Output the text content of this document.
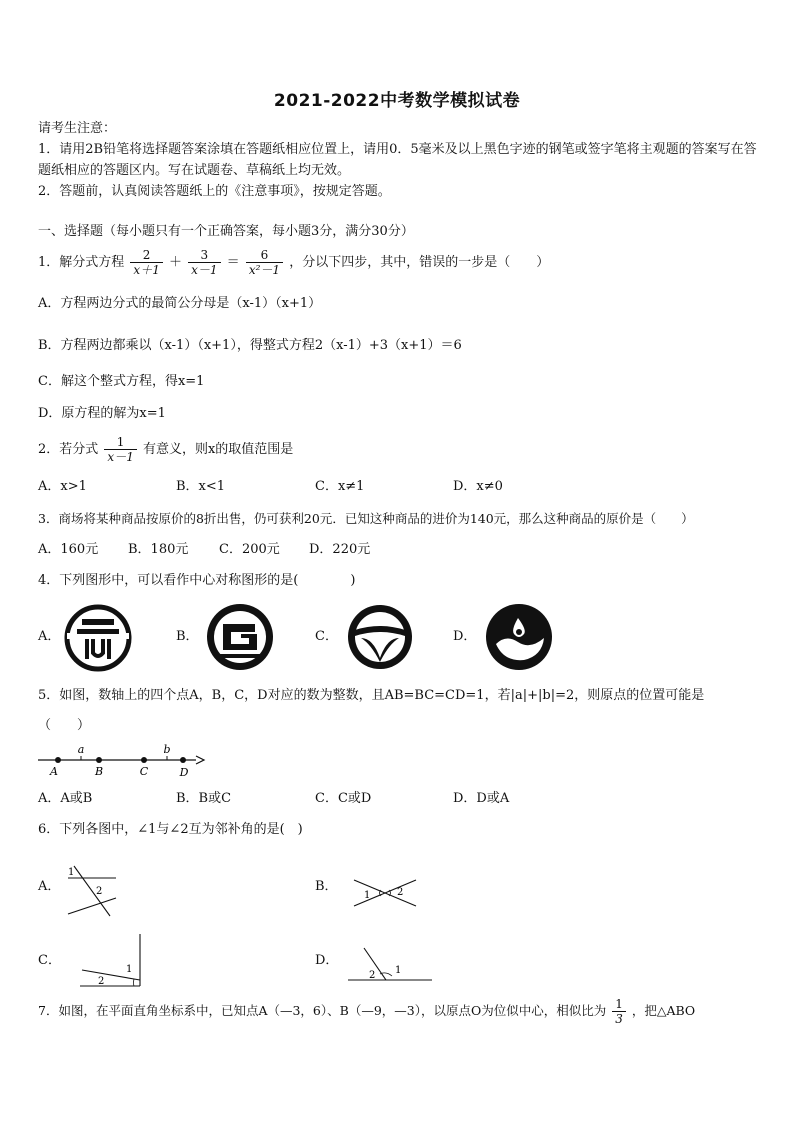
2021-2022中考数学模拟试卷
请考生注意：
1．请用2B铅笔将选择题答案涂填在答题纸相应位置上，请用0．5毫米及以上黑色字迹的钢笔或签字笔将主观题的答案写在答题纸相应的答题区内。写在试题卷、草稿纸上均无效。
2．答题前，认真阅读答题纸上的《注意事项》，按规定答题。
一、选择题（每小题只有一个正确答案，每小题3分，满分30分）
1．解分式方程 $\frac{2}{x+1} + \frac{3}{x-1} = \frac{6}{\text{x²－1}}$ ，分以下四步，其中，错误的一步是（　　）
A．方程两边分式的最简公分母是（x-1）（x+1）
B．方程两边都乘以（x-1）（x+1），得整式方程2（x-1）+3（x+1）＝6
C．解这个整式方程，得x=1
D．原方程的解为x=1
2．若分式 $\frac{1}{x-1}$ 有意义，则x的取值范围是
A．x>1	B．x<1	C．x≠1	D．x≠0
3．商场将某种商品按原价的8折出售，仍可获利20元．已知这种商品的进价为140元，那么这种商品的原价是（　　）
A．160元 B．180元 C．200元 D．220元
4．下列图形中，可以看作中心对称图形的是(　　　　)
A．	B．	C．	D．
5．如图，数轴上的四个点A，B，C，D对应的数为整数，且AB=BC=CD=1，若|a|+|b|=2，则原点的位置可能是
（　　）
a	b
A	B	C	D
A．A或B	B．B或C	C．C或D	D．D或A
6．下列各图中，∠1与∠2互为邻补角的是(　)
A．
1
2	B．
1	2
C．
1
2
D．
1
2
7．如图，在平面直角坐标系中，已知点A（—3，6）、B（—9，—3），以原点O为位似中心，相似比为 $\frac{1}{3}$ ，把△ABO
